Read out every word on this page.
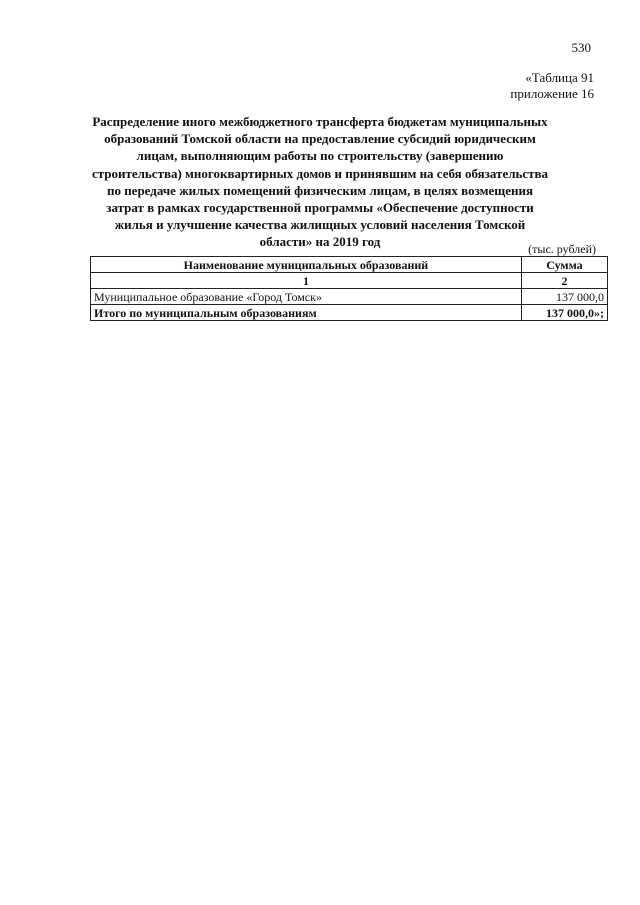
530
«Таблица 91
приложение 16
Распределение иного межбюджетного трансферта бюджетам муниципальных образований Томской области на предоставление субсидий юридическим лицам, выполняющим работы по строительству (завершению строительства) многоквартирных домов и принявшим на себя обязательства по передаче жилых помещений физическим лицам, в целях возмещения затрат в рамках государственной программы «Обеспечение доступности жилья и улучшение качества жилищных условий населения Томской области» на 2019 год	(тыс. рублей)
Наименование муниципальных образований	Сумма
1	2
Муниципальное образование «Город Томск»	137 000,0
Итого по муниципальным образованиям	137 000,0»;
